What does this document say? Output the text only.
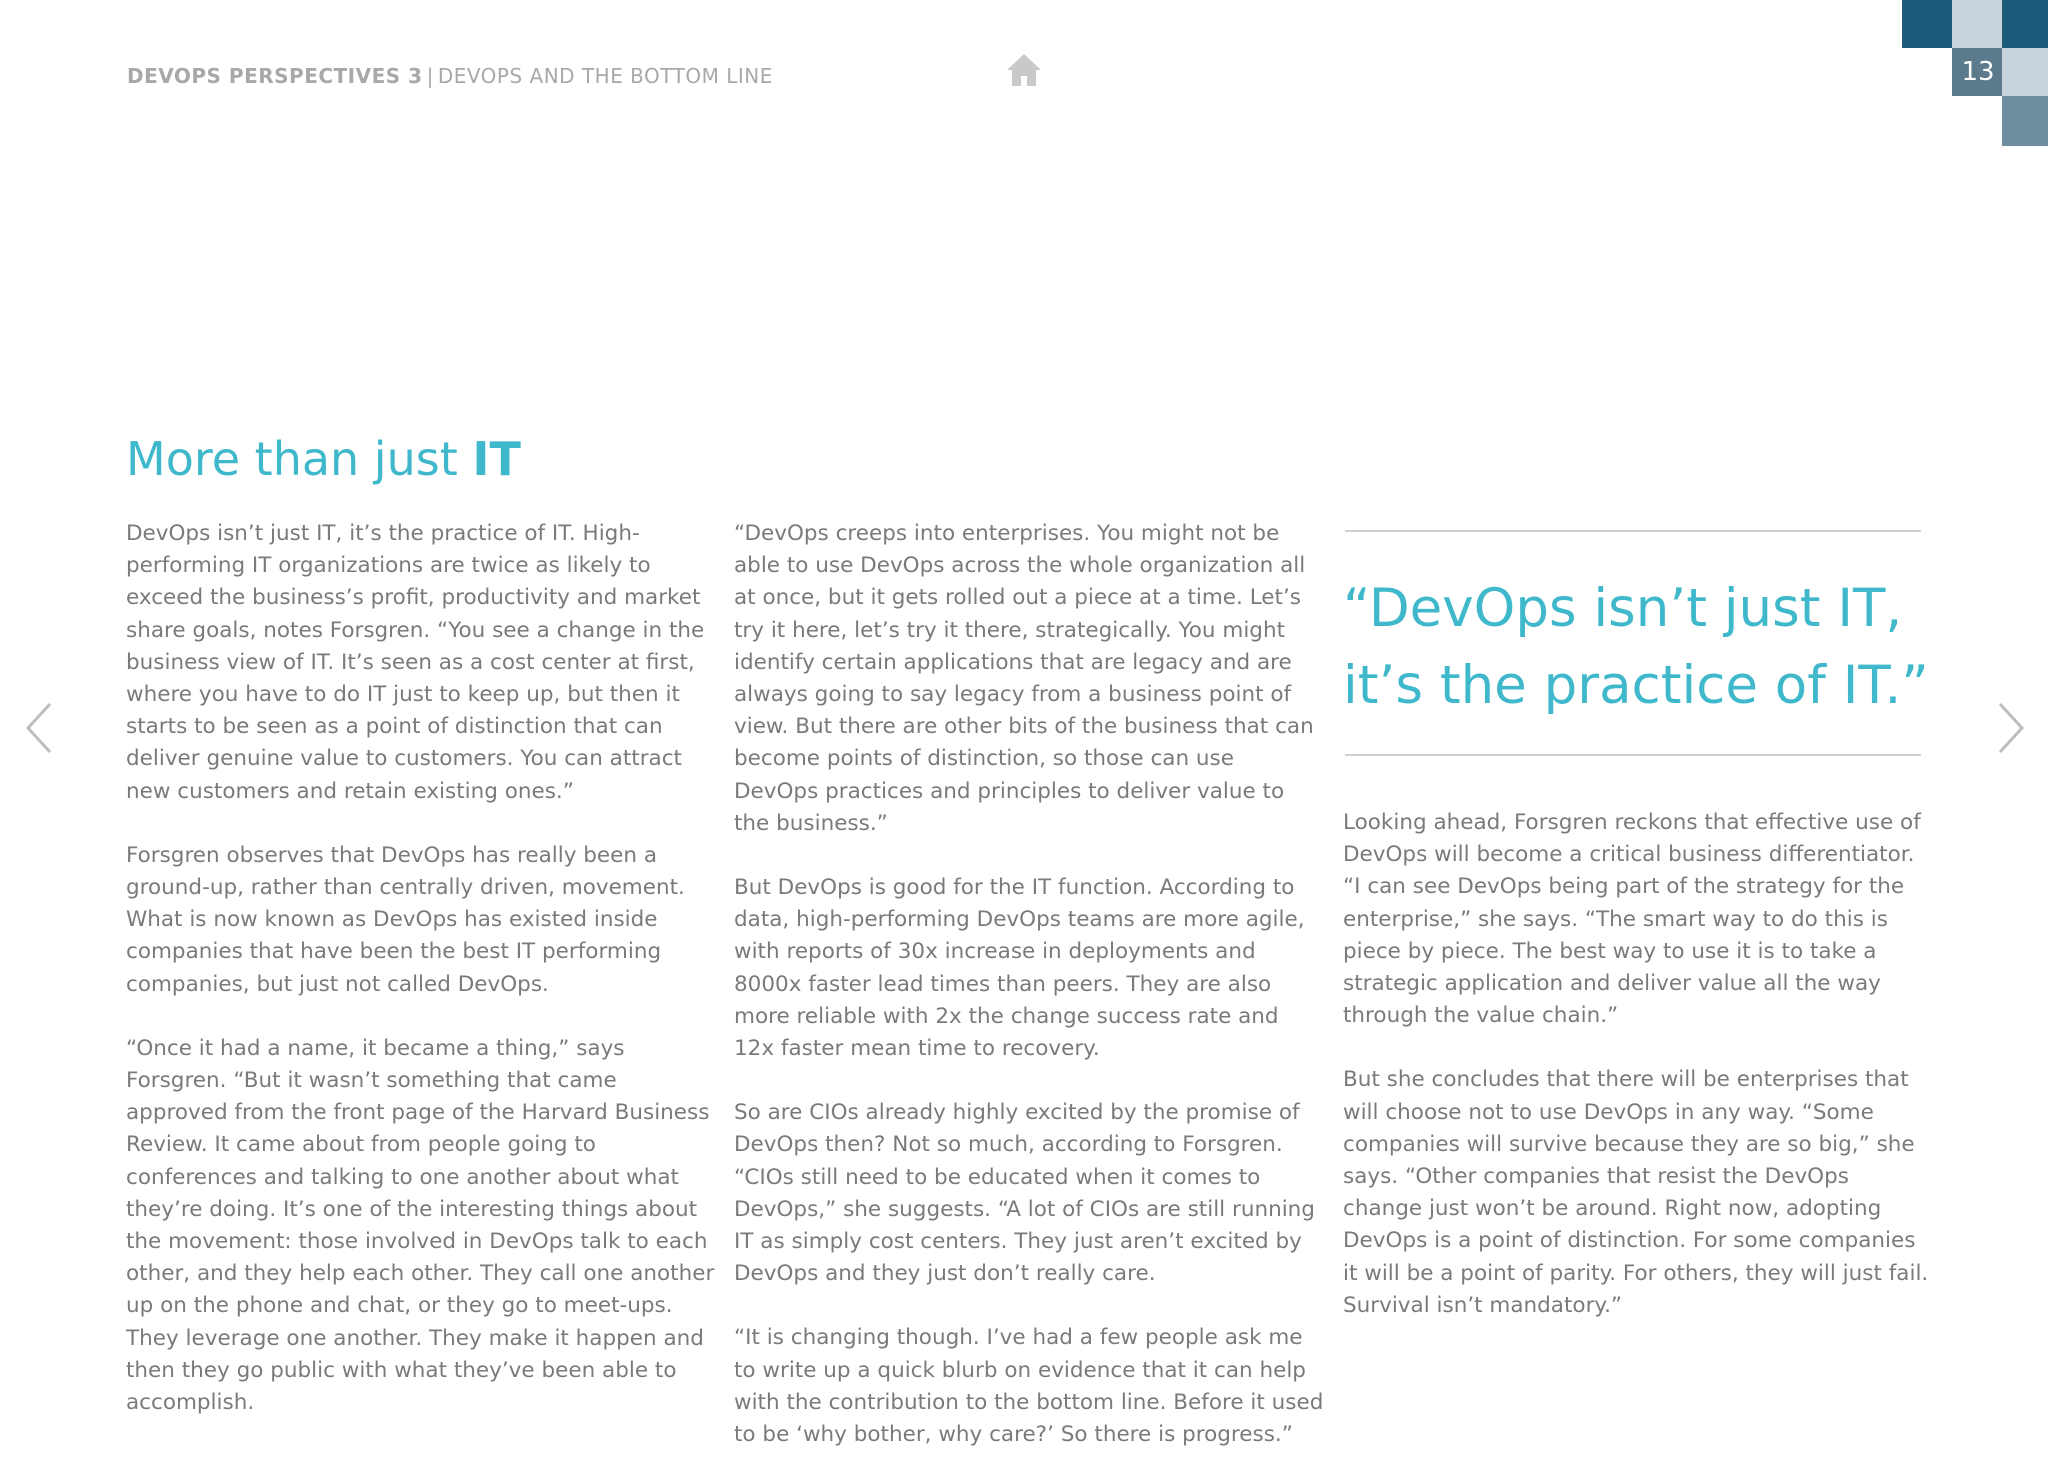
DEVOPS PERSPECTIVES 3 | DEVOPS AND THE BOTTOM LINE	13
More than just IT

DevOps isn’t just IT, it’s the practice of IT. High-performing IT organizations are twice as likely to exceed the business’s profit, productivity and market share goals, notes Forsgren. “You see a change in the business view of IT. It’s seen as a cost center at first, where you have to do IT just to keep up, but then it starts to be seen as a point of distinction that can deliver genuine value to customers. You can attract new customers and retain existing ones.”

Forsgren observes that DevOps has really been a ground-up, rather than centrally driven, movement. What is now known as DevOps has existed inside companies that have been the best IT performing companies, but just not called DevOps.

“Once it had a name, it became a thing,” says Forsgren. “But it wasn’t something that came approved from the front page of the Harvard Business Review. It came about from people going to conferences and talking to one another about what they’re doing. It’s one of the interesting things about the movement: those involved in DevOps talk to each other, and they help each other. They call one another up on the phone and chat, or they go to meet-ups. They leverage one another. They make it happen and then they go public with what they’ve been able to accomplish.

“DevOps creeps into enterprises. You might not be able to use DevOps across the whole organization all at once, but it gets rolled out a piece at a time. Let’s try it here, let’s try it there, strategically. You might identify certain applications that are legacy and are always going to say legacy from a business point of view. But there are other bits of the business that can become points of distinction, so those can use DevOps practices and principles to deliver value to the business.”

But DevOps is good for the IT function. According to data, high-performing DevOps teams are more agile, with reports of 30x increase in deployments and 8000x faster lead times than peers. They are also more reliable with 2x the change success rate and 12x faster mean time to recovery.

So are CIOs already highly excited by the promise of DevOps then? Not so much, according to Forsgren. “CIOs still need to be educated when it comes to DevOps,” she suggests. “A lot of CIOs are still running IT as simply cost centers. They just aren’t excited by DevOps and they just don’t really care.

“It is changing though. I’ve had a few people ask me to write up a quick blurb on evidence that it can help with the contribution to the bottom line. Before it used to be ‘why bother, why care?’ So there is progress.”

“DevOps isn’t just IT, it’s the practice of IT.”

Looking ahead, Forsgren reckons that effective use of DevOps will become a critical business differentiator. “I can see DevOps being part of the strategy for the enterprise,” she says. “The smart way to do this is piece by piece. The best way to use it is to take a strategic application and deliver value all the way through the value chain.”

But she concludes that there will be enterprises that will choose not to use DevOps in any way. “Some companies will survive because they are so big,” she says. “Other companies that resist the DevOps change just won’t be around. Right now, adopting DevOps is a point of distinction. For some companies it will be a point of parity. For others, they will just fail. Survival isn’t mandatory.”
